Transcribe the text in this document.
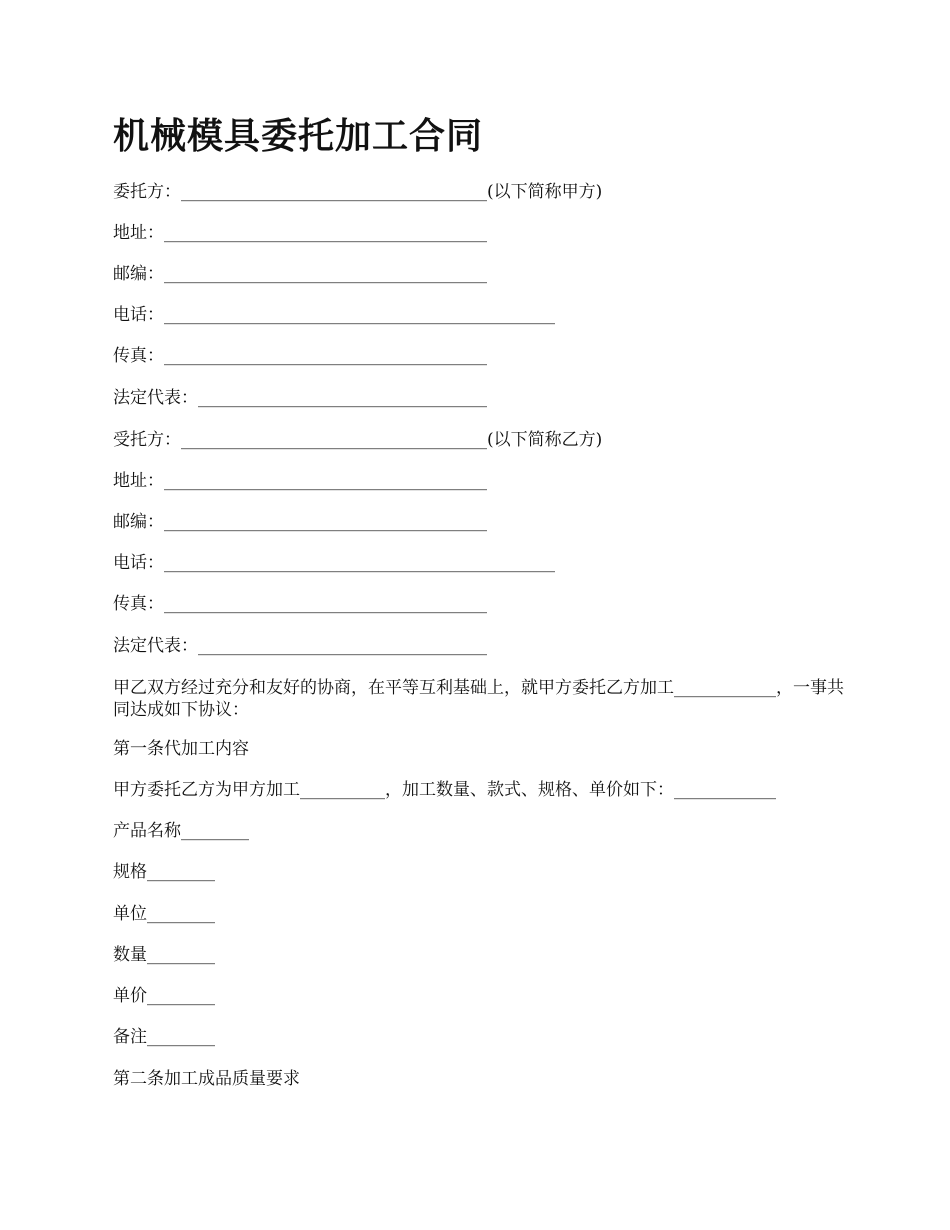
机械模具委托加工合同
委托方：____________________________________(以下简称甲方)
地址：______________________________________
邮编：______________________________________
电话：______________________________________________
传真：______________________________________
法定代表：__________________________________
受托方：____________________________________(以下简称乙方)
地址：______________________________________
邮编：______________________________________
电话：______________________________________________
传真：______________________________________
法定代表：__________________________________
甲乙双方经过充分和友好的协商，在平等互利基础上，就甲方委托乙方加工____________，一事共同达成如下协议：
第一条代加工内容
甲方委托乙方为甲方加工__________，加工数量、款式、规格、单价如下：____________
产品名称________
规格________
单位________
数量________
单价________
备注________
第二条加工成品质量要求
